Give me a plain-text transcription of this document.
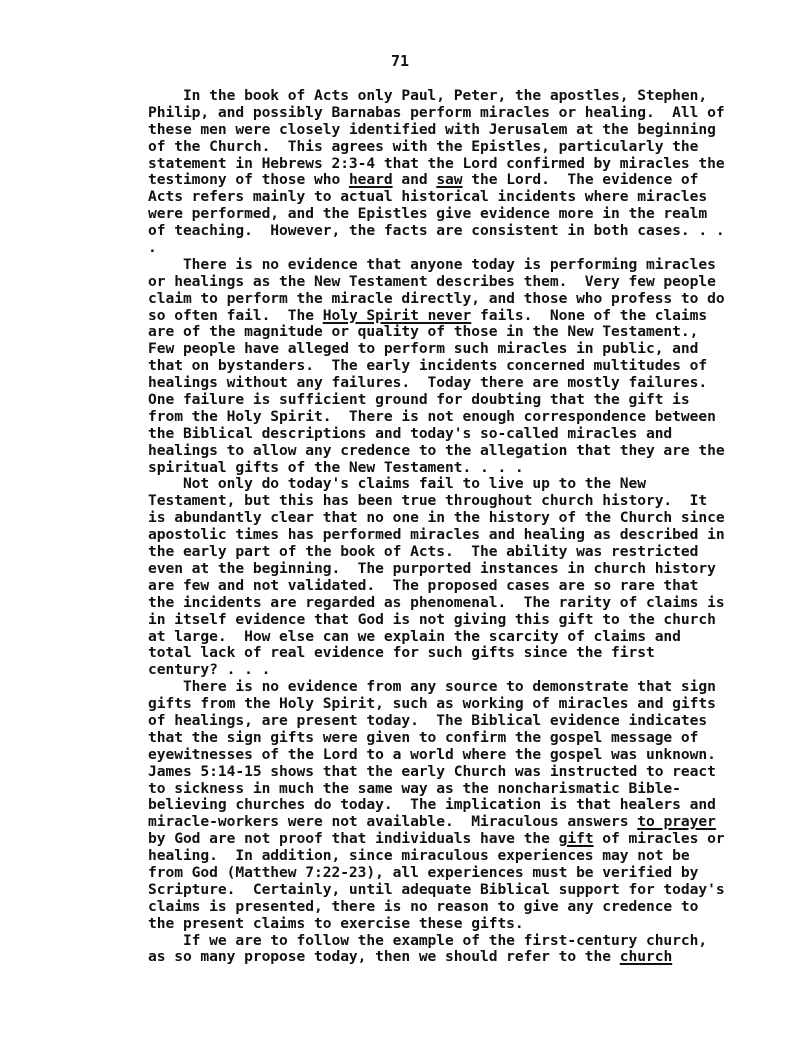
71
In the book of Acts only Paul, Peter, the apostles, Stephen,
Philip, and possibly Barnabas perform miracles or healing.  All of
these men were closely identified with Jerusalem at the beginning
of the Church.  This agrees with the Epistles, particularly the
statement in Hebrews 2:3-4 that the Lord confirmed by miracles the
testimony of those who heard and saw the Lord.  The evidence of
Acts refers mainly to actual historical incidents where miracles
were performed, and the Epistles give evidence more in the realm
of teaching.  However, the facts are consistent in both cases. . .
.
There is no evidence that anyone today is performing miracles
or healings as the New Testament describes them.  Very few people
claim to perform the miracle directly, and those who profess to do
so often fail.  The Holy Spirit never fails.  None of the claims
are of the magnitude or quality of those in the New Testament.,
Few people have alleged to perform such miracles in public, and
that on bystanders.  The early incidents concerned multitudes of
healings without any failures.  Today there are mostly failures.
One failure is sufficient ground for doubting that the gift is
from the Holy Spirit.  There is not enough correspondence between
the Biblical descriptions and today's so-called miracles and
healings to allow any credence to the allegation that they are the
spiritual gifts of the New Testament. . . .
Not only do today's claims fail to live up to the New
Testament, but this has been true throughout church history.  It
is abundantly clear that no one in the history of the Church since
apostolic times has performed miracles and healing as described in
the early part of the book of Acts.  The ability was restricted
even at the beginning.  The purported instances in church history
are few and not validated.  The proposed cases are so rare that
the incidents are regarded as phenomenal.  The rarity of claims is
in itself evidence that God is not giving this gift to the church
at large.  How else can we explain the scarcity of claims and
total lack of real evidence for such gifts since the first
century? . . .
There is no evidence from any source to demonstrate that sign
gifts from the Holy Spirit, such as working of miracles and gifts
of healings, are present today.  The Biblical evidence indicates
that the sign gifts were given to confirm the gospel message of
eyewitnesses of the Lord to a world where the gospel was unknown.
James 5:14-15 shows that the early Church was instructed to react
to sickness in much the same way as the noncharismatic Bible-
believing churches do today.  The implication is that healers and
miracle-workers were not available.  Miraculous answers to prayer
by God are not proof that individuals have the gift of miracles or
healing.  In addition, since miraculous experiences may not be
from God (Matthew 7:22-23), all experiences must be verified by
Scripture.  Certainly, until adequate Biblical support for today's
claims is presented, there is no reason to give any credence to
the present claims to exercise these gifts.
If we are to follow the example of the first-century church,
as so many propose today, then we should refer to the church
